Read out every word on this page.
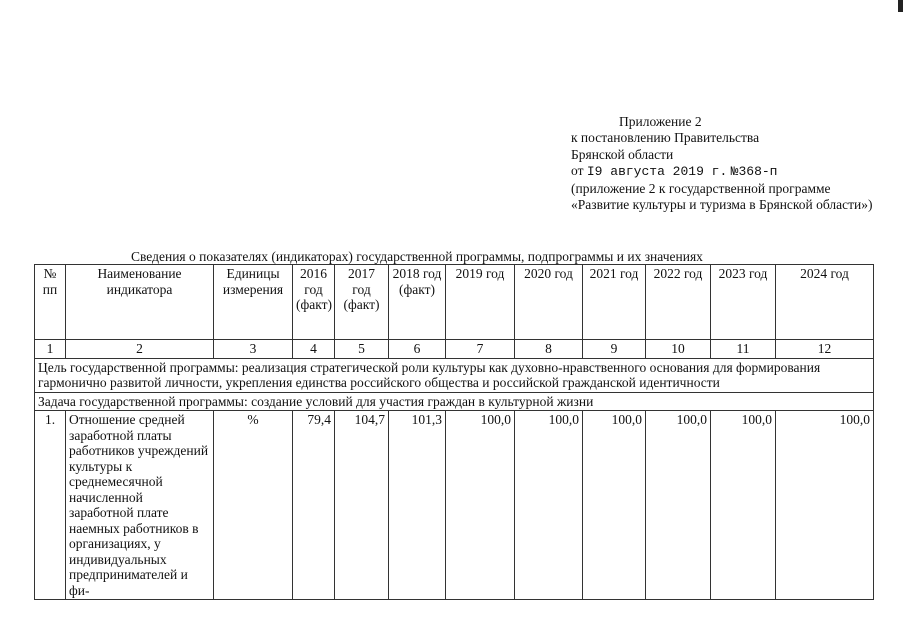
Приложение 2
к постановлению Правительства
Брянской области
от I9 августа 2019 г. №368-п
(приложение 2 к государственной программе «Развитие культуры и туризма в Брянской области»)
Сведения о показателях (индикаторах) государственной программы, подпрограммы и их значениях
№ пп	Наименование индикатора	Единицы измерения	2016 год (факт)	2017 год (факт)	2018 год (факт)	2019 год	2020 год	2021 год	2022 год	2023 год	2024 год
1	2	3	4	5	6	7	8	9	10	11	12
Цель государственной программы: реализация стратегической роли культуры как духовно-нравственного основания для формирования гармонично развитой личности, укрепления единства российского общества и российской гражданской идентичности											
Задача государственной программы: создание условий для участия граждан в культурной жизни											
1.	Отношение средней заработной платы работников учреждений культуры к среднемесячной начисленной заработной плате наемных работников в организациях, у индивидуальных предпринимателей и фи-	%	79,4	104,7	101,3	100,0	100,0	100,0	100,0	100,0	100,0
